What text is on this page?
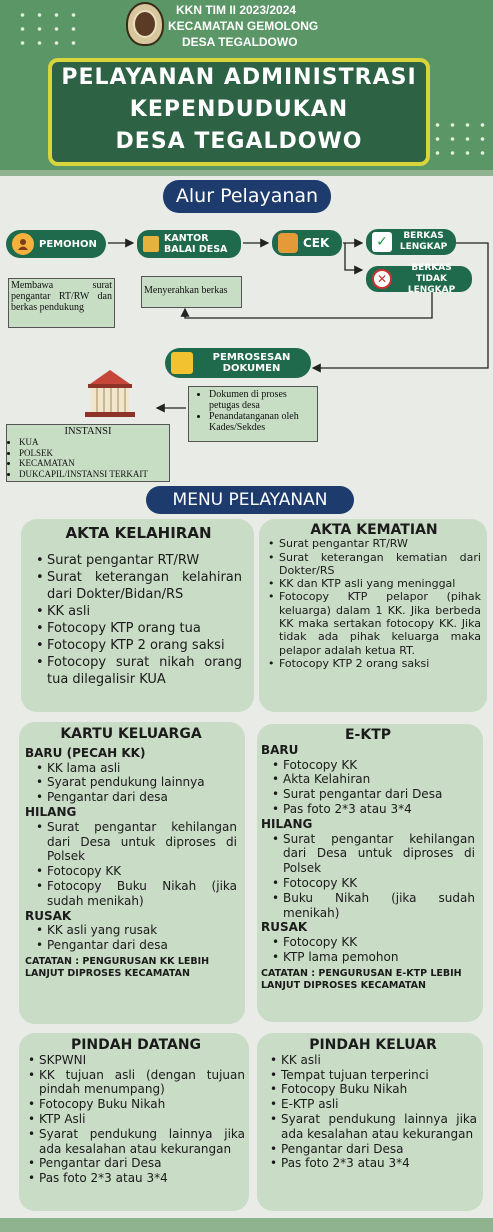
KKN TIM II 2023/2024
KECAMATAN GEMOLONG
DESA TEGALDOWO
PELAYANAN ADMINISTRASI
KEPENDUDUKAN
DESA TEGALDOWO
Alur Pelayanan
PEMOHON	KANTOR BALAI DESA	CEK	✓	BERKAS LENGKAP
✕
BERKAS TIDAK LENGKAP
Membawa surat pengantar RT/RW dan berkas pendukung
Menyerahkan berkas
PEMROSESAN DOKUMEN
• Dokumen di proses petugas desa
• Penandatanganan oleh Kades/Sekdes
INSTANSI
• KUA
• POLSEK
• KECAMATAN
• DUKCAPIL/INSTANSI TERKAIT
MENU PELAYANAN
AKTA KELAHIRAN
• Surat pengantar RT/RW
• Surat keterangan kelahiran dari Dokter/Bidan/RS
• KK asli
• Fotocopy KTP orang tua
• Fotocopy KTP 2 orang saksi
• Fotocopy surat nikah orang tua dilegalisir KUA
AKTA KEMATIAN
• Surat pengantar RT/RW
• Surat keterangan kematian dari Dokter/RS
• KK dan KTP asli yang meninggal
• Fotocopy KTP pelapor (pihak keluarga) dalam 1 KK. Jika berbeda KK maka sertakan fotocopy KK. Jika tidak ada pihak keluarga maka pelapor adalah ketua RT.
• Fotocopy KTP 2 orang saksi
KARTU KELUARGA
BARU (PECAH KK)
• KK lama asli
• Syarat pendukung lainnya
• Pengantar dari desa
HILANG
• Surat pengantar kehilangan dari Desa untuk diproses di Polsek
• Fotocopy KK
• Fotocopy Buku Nikah (jika sudah menikah)
RUSAK
• KK asli yang rusak
• Pengantar dari desa
CATATAN : PENGURUSAN KK LEBIH LANJUT DIPROSES KECAMATAN
E-KTP
BARU
• Fotocopy KK
• Akta Kelahiran
• Surat pengantar dari Desa
• Pas foto 2*3 atau 3*4
HILANG
• Surat pengantar kehilangan dari Desa untuk diproses di Polsek
• Fotocopy KK
• Buku Nikah (jika sudah menikah)
RUSAK
• Fotocopy KK
• KTP lama pemohon
CATATAN : PENGURUSAN E-KTP LEBIH LANJUT DIPROSES KECAMATAN
PINDAH DATANG
• SKPWNI
• KK tujuan asli (dengan tujuan pindah menumpang)
• Fotocopy Buku Nikah
• KTP Asli
• Syarat pendukung lainnya jika ada kesalahan atau kekurangan
• Pengantar dari Desa
• Pas foto 2*3 atau 3*4
PINDAH KELUAR
• KK asli
• Tempat tujuan terperinci
• Fotocopy Buku Nikah
• E-KTP asli
• Syarat pendukung lainnya jika ada kesalahan atau kekurangan
• Pengantar dari Desa
• Pas foto 2*3 atau 3*4
